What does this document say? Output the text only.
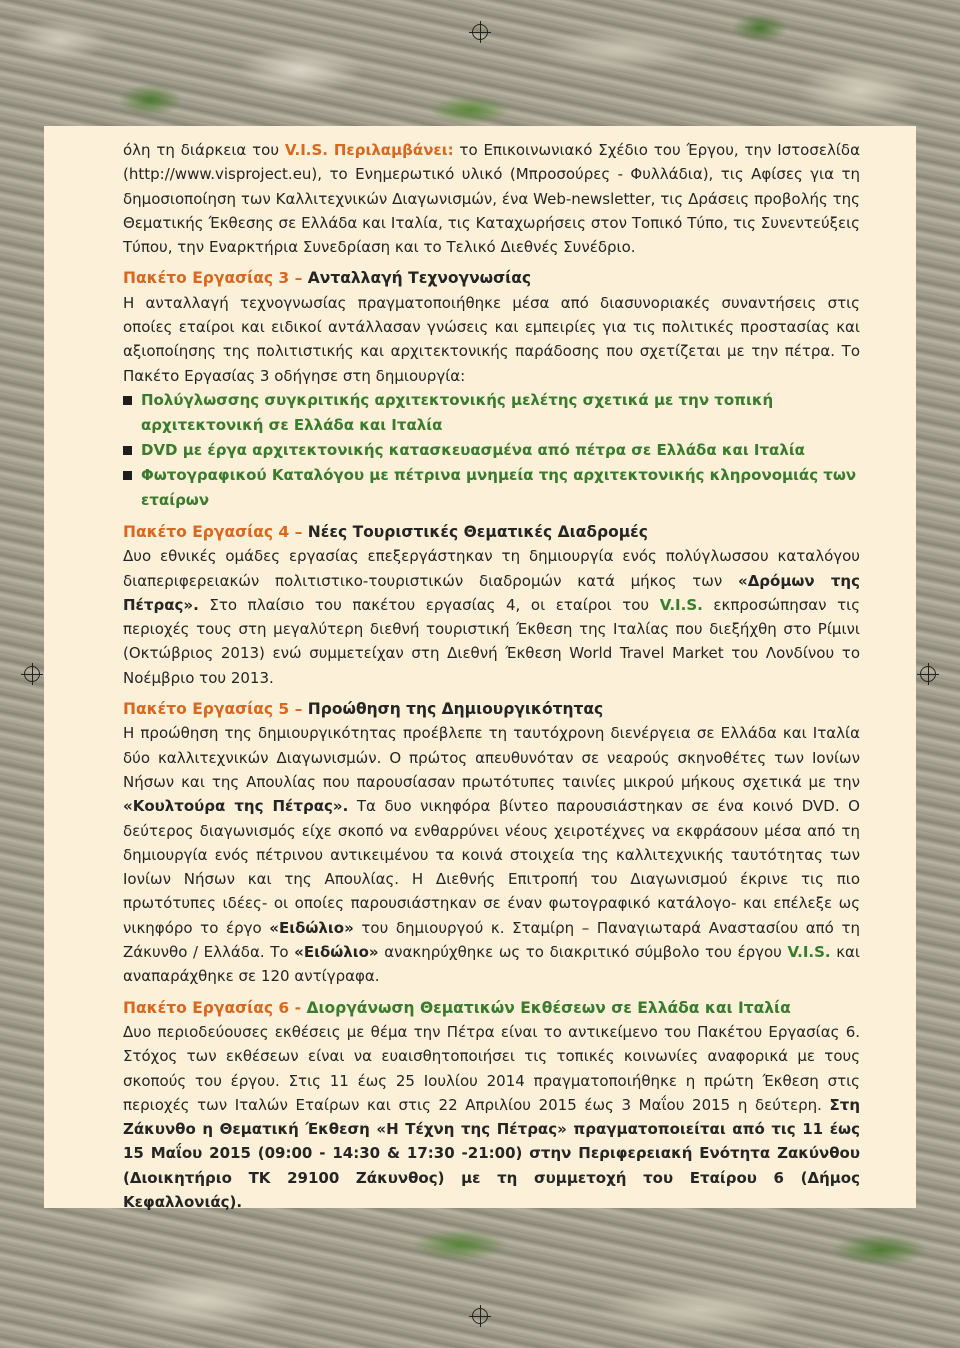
όλη τη διάρκεια του V.I.S. Περιλαμβάνει: το Επικοινωνιακό Σχέδιο του Έργου, την Ιστοσελίδα (http://www.visproject.eu), το Ενημερωτικό υλικό (Μπροσούρες - Φυλλάδια), τις Αφίσες για τη δημοσιοποίηση των Καλλιτεχνικών Διαγωνισμών, ένα Web-newsletter, τις Δράσεις προβολής της Θεματικής Έκθεσης σε Ελλάδα και Ιταλία, τις Καταχωρήσεις στον Τοπικό Τύπο, τις Συνεντεύξεις Τύπου, την Εναρκτήρια Συνεδρίαση και το Τελικό Διεθνές Συνέδριο.

Πακέτο Εργασίας 3 – Ανταλλαγή Τεχνογνωσίας

Η ανταλλαγή τεχνογνωσίας πραγματοποιήθηκε μέσα από διασυνοριακές συναντήσεις στις οποίες εταίροι και ειδικοί αντάλλασαν γνώσεις και εμπειρίες για τις πολιτικές προστασίας και αξιοποίησης της πολιτιστικής και αρχιτεκτονικής παράδοσης που σχετίζεται με την πέτρα. Το Πακέτο Εργασίας 3 οδήγησε στη δημιουργία:

Πολύγλωσσης συγκριτικής αρχιτεκτονικής μελέτης σχετικά με την τοπική αρχιτεκτονική σε Ελλάδα και Ιταλία
DVD με έργα αρχιτεκτονικής κατασκευασμένα από πέτρα σε Ελλάδα και Ιταλία
Φωτογραφικού Καταλόγου με πέτρινα μνημεία της αρχιτεκτονικής κληρονομιάς των εταίρων

Πακέτο Εργασίας 4 – Νέες Τουριστικές Θεματικές Διαδρομές

Δυο εθνικές ομάδες εργασίας επεξεργάστηκαν τη δημιουργία ενός πολύγλωσσου καταλόγου διαπεριφερειακών πολιτιστικο-τουριστικών διαδρομών κατά μήκος των «Δρόμων της Πέτρας». Στο πλαίσιο του πακέτου εργασίας 4, οι εταίροι του V.I.S. εκπροσώπησαν τις περιοχές τους στη μεγαλύτερη διεθνή τουριστική Έκθεση της Ιταλίας που διεξήχθη στο Ρίμινι (Οκτώβριος 2013) ενώ συμμετείχαν στη Διεθνή Έκθεση World Travel Market του Λονδίνου το Νοέμβριο του 2013.

Πακέτο Εργασίας 5 – Προώθηση της Δημιουργικότητας

Η προώθηση της δημιουργικότητας προέβλεπε τη ταυτόχρονη διενέργεια σε Ελλάδα και Ιταλία δύο καλλιτεχνικών Διαγωνισμών. Ο πρώτος απευθυνόταν σε νεαρούς σκηνοθέτες των Ιονίων Νήσων και της Απουλίας που παρουσίασαν πρωτότυπες ταινίες μικρού μήκους σχετικά με την «Κουλτούρα της Πέτρας». Τα δυο νικηφόρα βίντεο παρουσιάστηκαν σε ένα κοινό DVD. Ο δεύτερος διαγωνισμός είχε σκοπό να ενθαρρύνει νέους χειροτέχνες να εκφράσουν μέσα από τη δημιουργία ενός πέτρινου αντικειμένου τα κοινά στοιχεία της καλλιτεχνικής ταυτότητας των Ιονίων Νήσων και της Απουλίας. Η Διεθνής Επιτροπή του Διαγωνισμού έκρινε τις πιο πρωτότυπες ιδέες- οι οποίες παρουσιάστηκαν σε έναν φωτογραφικό κατάλογο- και επέλεξε ως νικηφόρο το έργο «Ειδώλιο» του δημιουργού κ. Σταμίρη – Παναγιωταρά Αναστασίου από τη Ζάκυνθο / Ελλάδα. Το «Ειδώλιο» ανακηρύχθηκε ως το διακριτικό σύμβολο του έργου V.I.S. και αναπαράχθηκε σε 120 αντίγραφα.

Πακέτο Εργασίας 6 - Διοργάνωση Θεματικών Εκθέσεων σε Ελλάδα και Ιταλία

Δυο περιοδεύουσες εκθέσεις με θέμα την Πέτρα είναι το αντικείμενο του Πακέτου Εργασίας 6. Στόχος των εκθέσεων είναι να ευαισθητοποιήσει τις τοπικές κοινωνίες αναφορικά με τους σκοπούς του έργου. Στις 11 έως 25 Ιουλίου 2014 πραγματοποιήθηκε η πρώτη Έκθεση στις περιοχές των Ιταλών Εταίρων και στις 22 Απριλίου 2015 έως 3 Μαΐου 2015 η δεύτερη. Στη Ζάκυνθο η Θεματική Έκθεση «Η Τέχνη της Πέτρας» πραγματοποιείται από τις 11 έως 15 Μαΐου 2015 (09:00 - 14:30 & 17:30 -21:00) στην Περιφερειακή Ενότητα Ζακύνθου (Διοικητήριο ΤΚ 29100 Ζάκυνθος) με τη συμμετοχή του Εταίρου 6 (Δήμος Κεφαλλονιάς).
